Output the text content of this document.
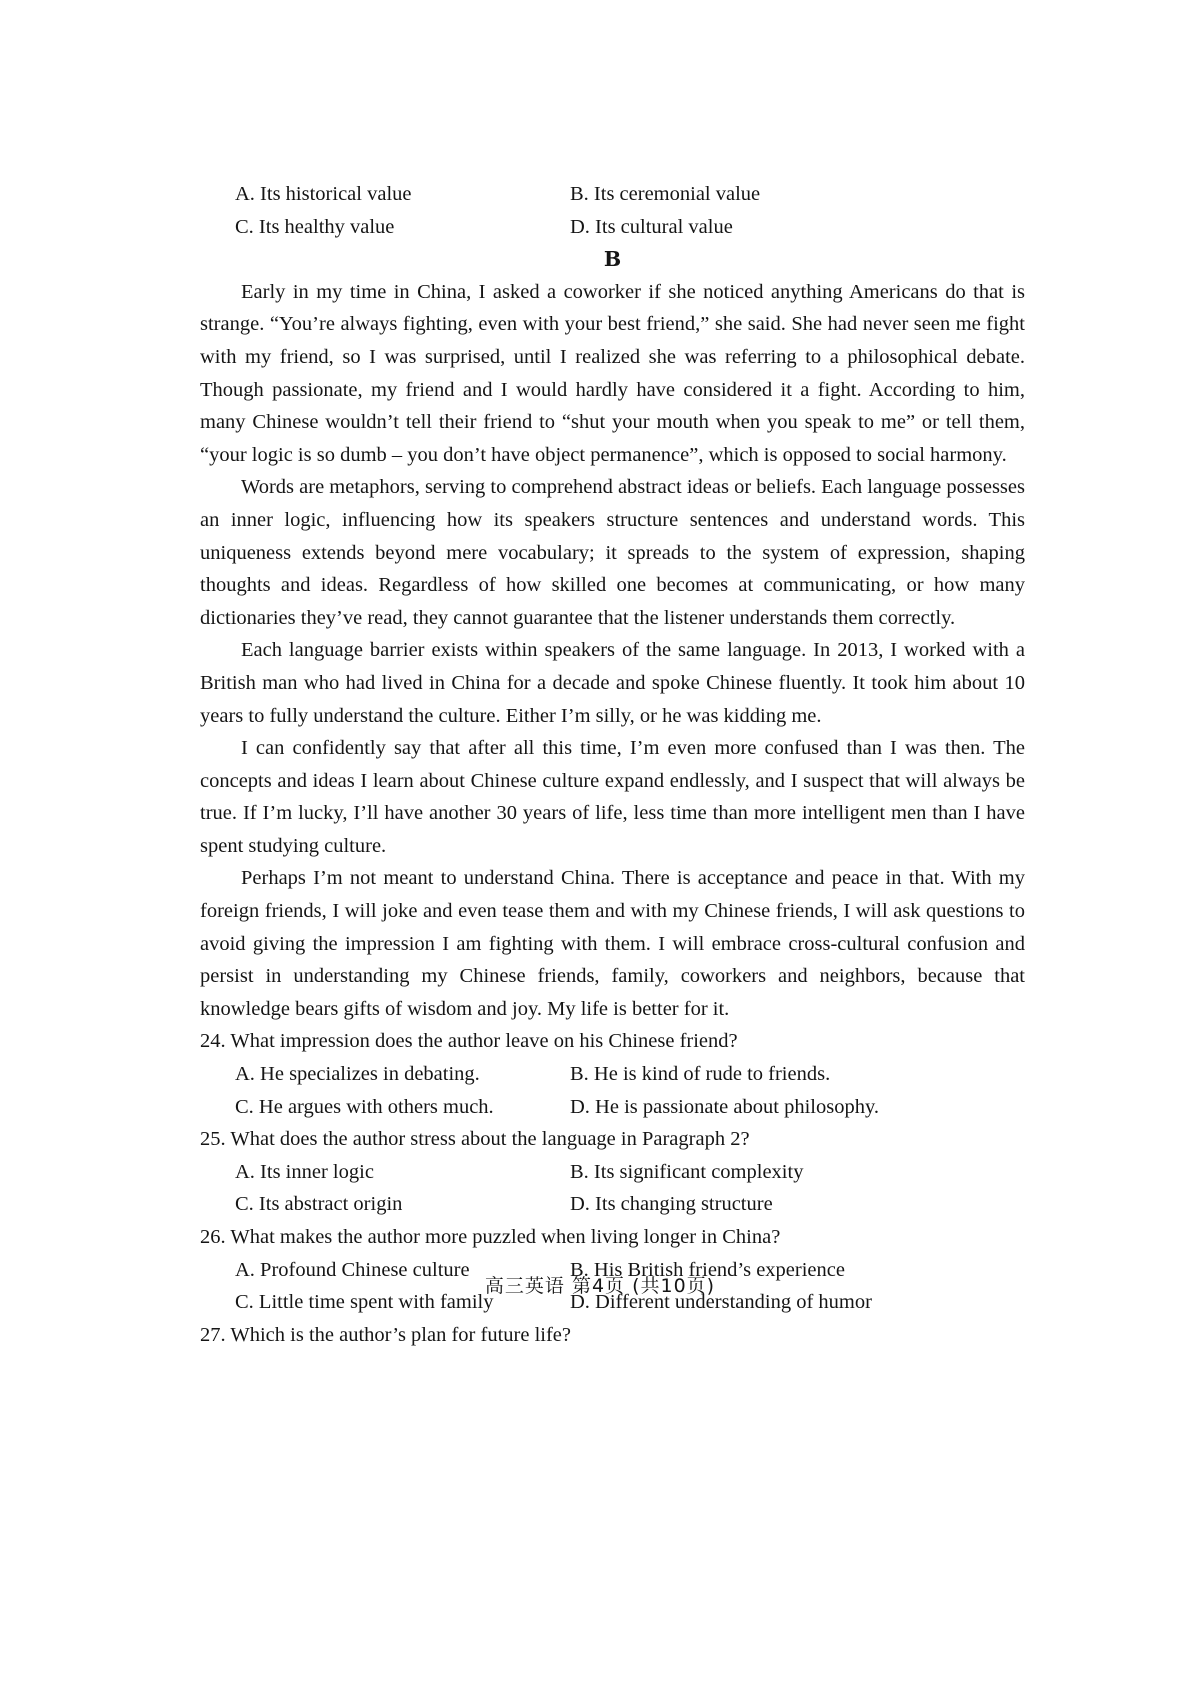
A. Its historical value	B. Its ceremonial value
C. Its healthy value	D. Its cultural value
B

Early in my time in China, I asked a coworker if she noticed anything Americans do that is strange. “You’re always fighting, even with your best friend,” she said. She had never seen me fight with my friend, so I was surprised, until I realized she was referring to a philosophical debate. Though passionate, my friend and I would hardly have considered it a fight. According to him, many Chinese wouldn’t tell their friend to “shut your mouth when you speak to me” or tell them, “your logic is so dumb – you don’t have object permanence”, which is opposed to social harmony.

Words are metaphors, serving to comprehend abstract ideas or beliefs. Each language possesses an inner logic, influencing how its speakers structure sentences and understand words. This uniqueness extends beyond mere vocabulary; it spreads to the system of expression, shaping thoughts and ideas. Regardless of how skilled one becomes at communicating, or how many dictionaries they’ve read, they cannot guarantee that the listener understands them correctly.

Each language barrier exists within speakers of the same language. In 2013, I worked with a British man who had lived in China for a decade and spoke Chinese fluently. It took him about 10 years to fully understand the culture. Either I’m silly, or he was kidding me.

I can confidently say that after all this time, I’m even more confused than I was then. The concepts and ideas I learn about Chinese culture expand endlessly, and I suspect that will always be true. If I’m lucky, I’ll have another 30 years of life, less time than more intelligent men than I have spent studying culture.

Perhaps I’m not meant to understand China. There is acceptance and peace in that. With my foreign friends, I will joke and even tease them and with my Chinese friends, I will ask questions to avoid giving the impression I am fighting with them. I will embrace cross-cultural confusion and persist in understanding my Chinese friends, family, coworkers and neighbors, because that knowledge bears gifts of wisdom and joy. My life is better for it.

24. What impression does the author leave on his Chinese friend?

A. He specializes in debating.	B. He is kind of rude to friends.
C. He argues with others much.	D. He is passionate about philosophy.

25. What does the author stress about the language in Paragraph 2?

A. Its inner logic	B. Its significant complexity
C. Its abstract origin	D. Its changing structure

26. What makes the author more puzzled when living longer in China?

A. Profound Chinese culture	B. His British friend’s experience
C. Little time spent with family	D. Different understanding of humor

27. Which is the author’s plan for future life?

高三英语 第4页 (共10页)
